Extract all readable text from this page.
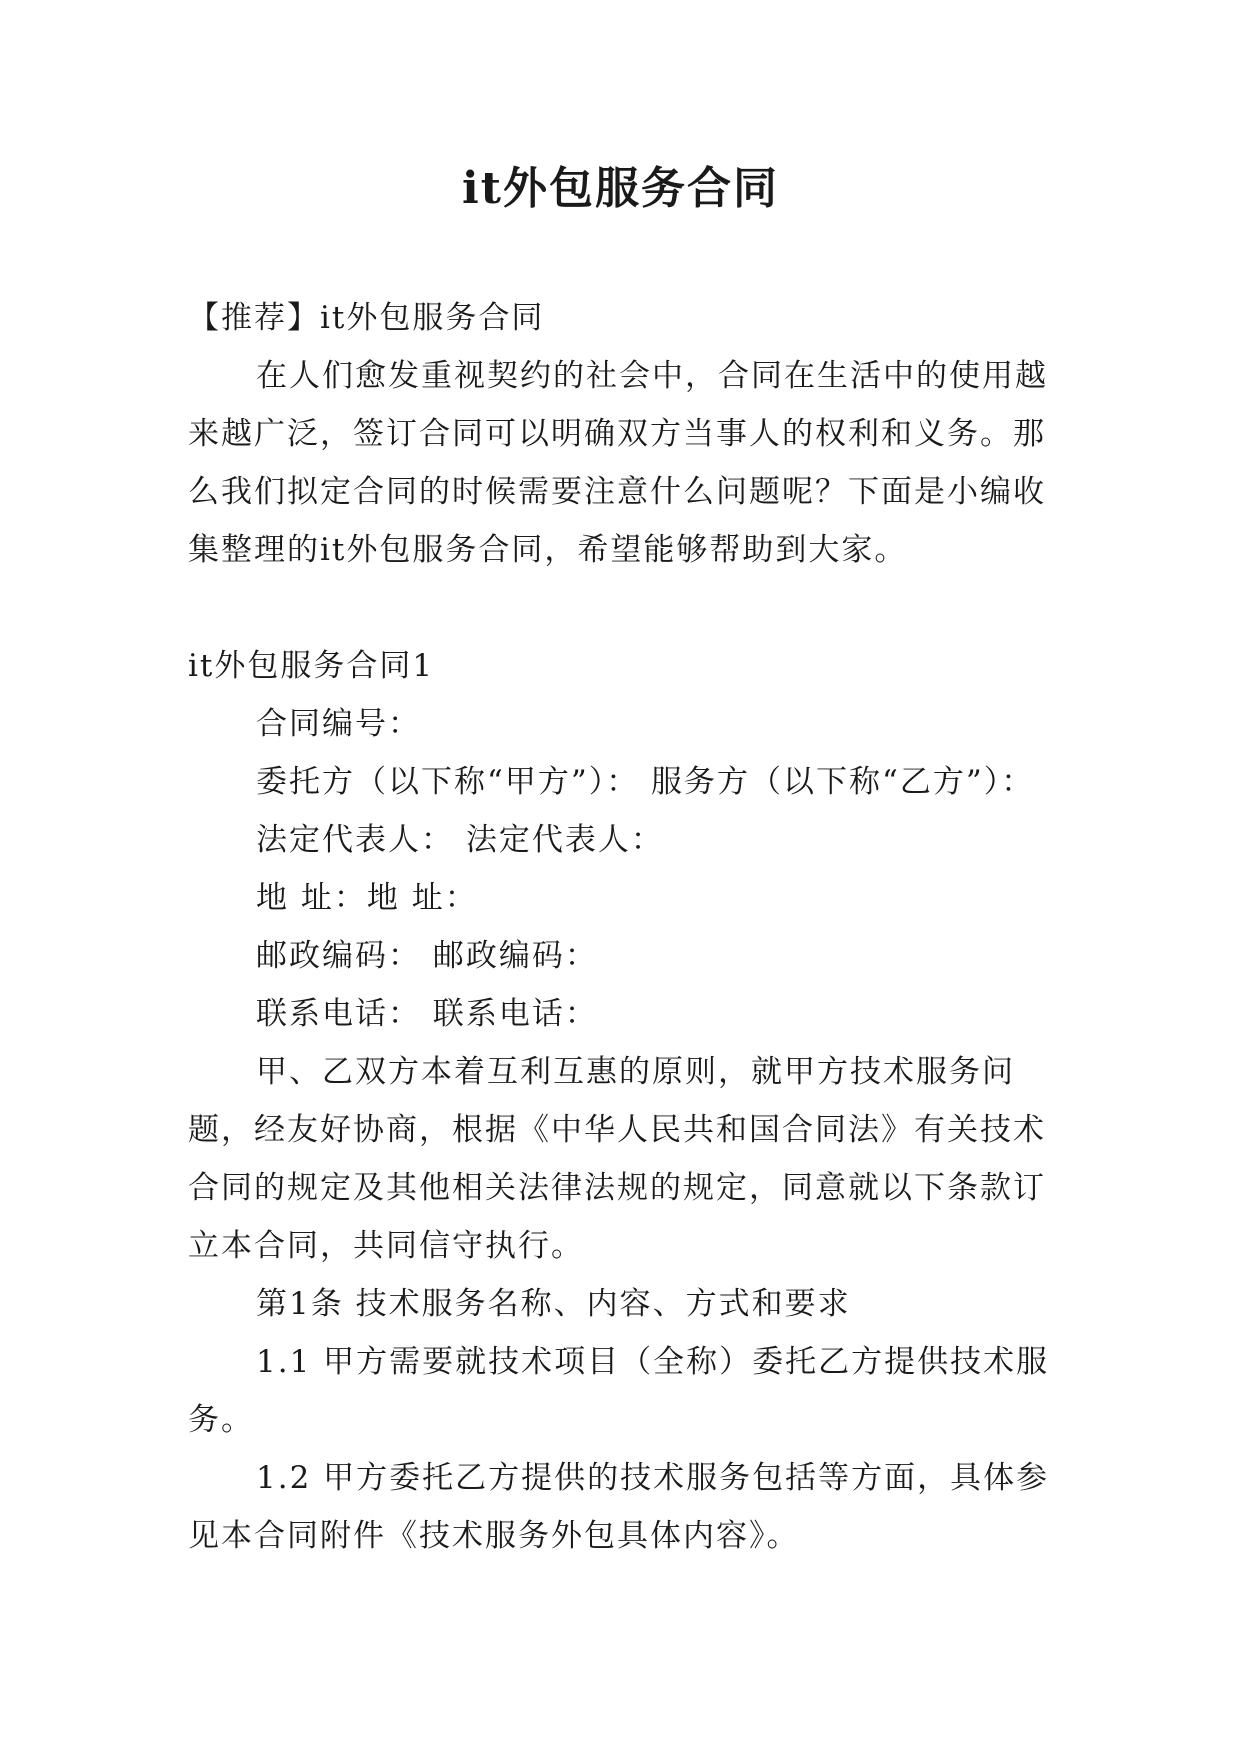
it外包服务合同
【推荐】it外包服务合同
在人们愈发重视契约的社会中，合同在生活中的使用越来越广泛，签订合同可以明确双方当事人的权利和义务。那么我们拟定合同的时候需要注意什么问题呢？下面是小编收集整理的it外包服务合同，希望能够帮助到大家。
it外包服务合同1
合同编号：
委托方（以下称“甲方”）： 服务方（以下称“乙方”）：
法定代表人： 法定代表人：
地 址：地 址：
邮政编码： 邮政编码：
联系电话： 联系电话：
甲、乙双方本着互利互惠的原则，就甲方技术服务问题，经友好协商，根据《中华人民共和国合同法》有关技术合同的规定及其他相关法律法规的规定，同意就以下条款订立本合同，共同信守执行。
第1条 技术服务名称、内容、方式和要求
1.1 甲方需要就技术项目（全称）委托乙方提供技术服务。
1.2 甲方委托乙方提供的技术服务包括等方面，具体参见本合同附件《技术服务外包具体内容》。
